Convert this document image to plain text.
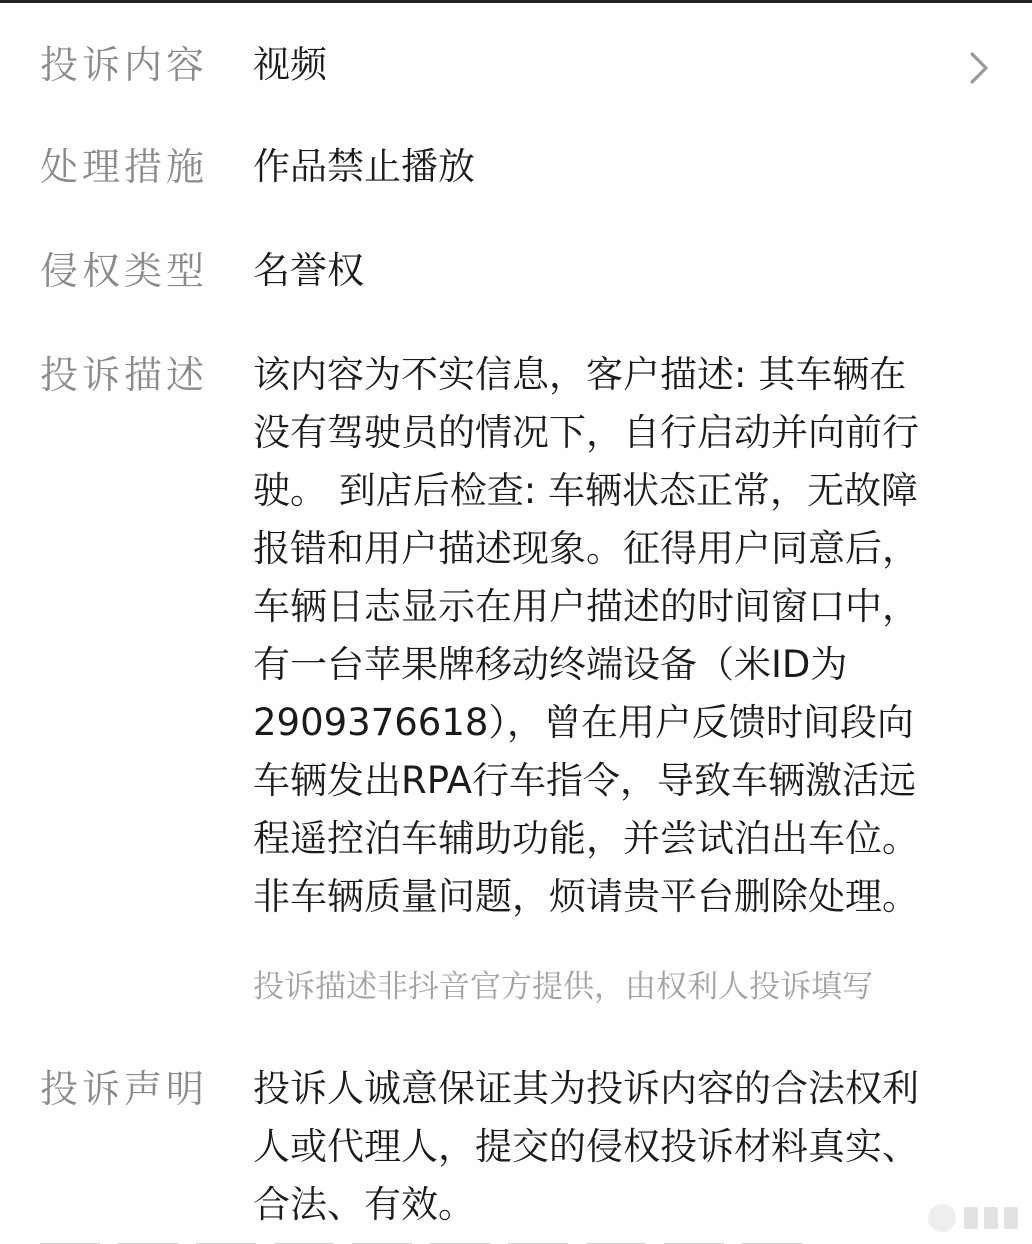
投诉内容	视频
处理措施	作品禁止播放
侵权类型	名誉权
投诉描述	该内容为不实信息，客户描述: 其车辆在
没有驾驶员的情况下，自行启动并向前行
驶。 到店后检查: 车辆状态正常，无故障
报错和用户描述现象。征得用户同意后，
车辆日志显示在用户描述的时间窗口中，
有一台苹果牌移动终端设备（米ID为
2909376618），曾在用户反馈时间段向
车辆发出RPA行车指令，导致车辆激活远
程遥控泊车辅助功能，并尝试泊出车位。
非车辆质量问题，烦请贵平台删除处理。
投诉描述非抖音官方提供，由权利人投诉填写
投诉声明	投诉人诚意保证其为投诉内容的合法权利
人或代理人，提交的侵权投诉材料真实、
合法、有效。
